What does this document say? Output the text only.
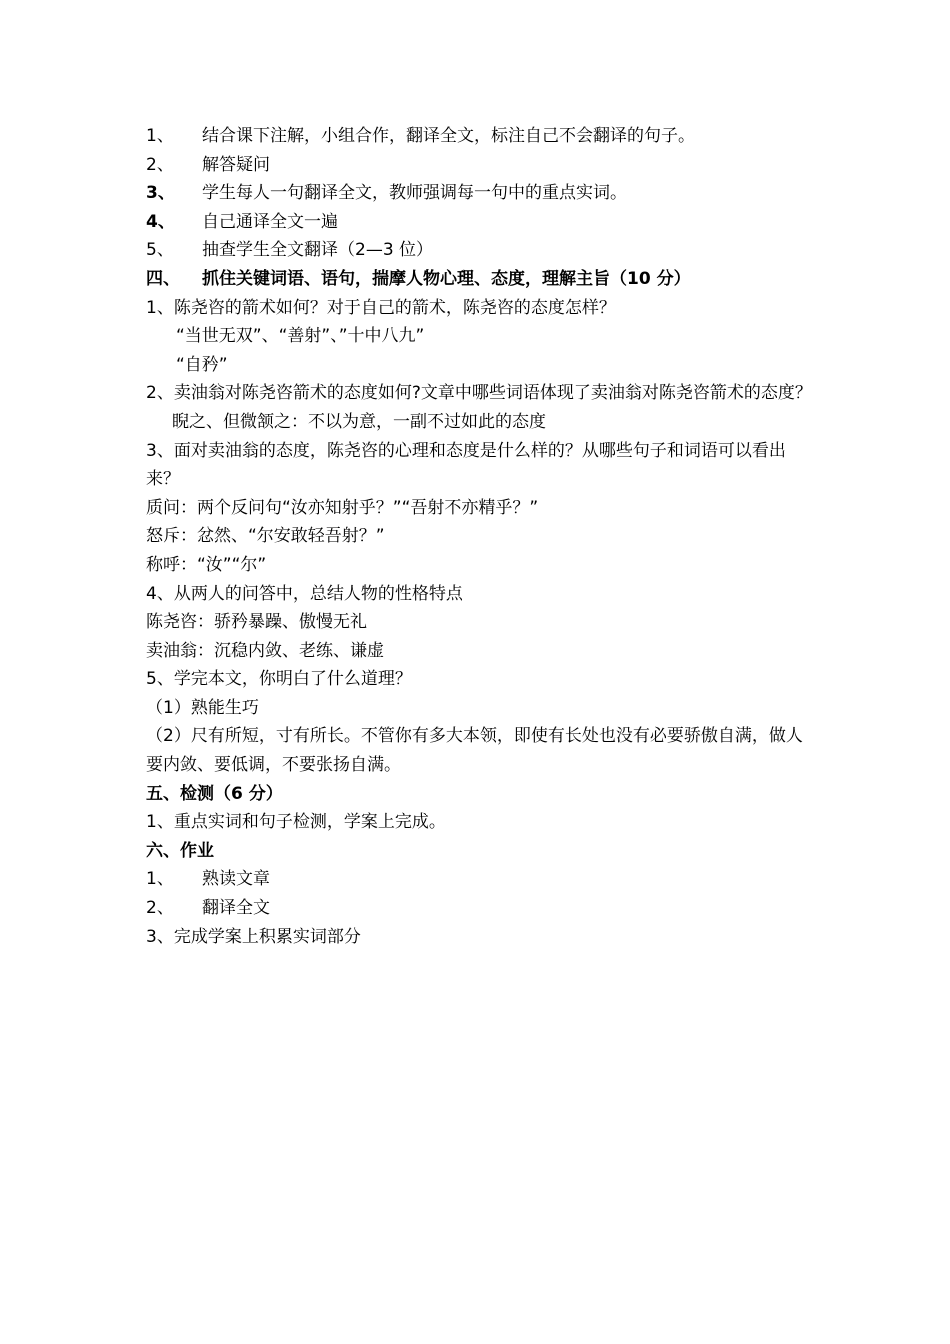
1、 结合课下注解，小组合作，翻译全文，标注自己不会翻译的句子。
2、 解答疑问
3、 学生每人一句翻译全文，教师强调每一句中的重点实词。
4、 自己通译全文一遍
5、 抽查学生全文翻译（2—3 位）
四、 抓住关键词语、语句，揣摩人物心理、态度，理解主旨（10 分）
1、陈尧咨的箭术如何？对于自己的箭术，陈尧咨的态度怎样？
“当世无双”、“善射”、”十中八九”
“自矜”
2、卖油翁对陈尧咨箭术的态度如何?文章中哪些词语体现了卖油翁对陈尧咨箭术的态度？
睨之、但微颔之：不以为意，一副不过如此的态度
3、面对卖油翁的态度，陈尧咨的心理和态度是什么样的？从哪些句子和词语可以看出来？
质问：两个反问句“汝亦知射乎？”“吾射不亦精乎？”
怒斥：忿然、“尔安敢轻吾射？”
称呼：“汝”“尔”
4、从两人的问答中，总结人物的性格特点
陈尧咨：骄矜暴躁、傲慢无礼
卖油翁：沉稳内敛、老练、谦虚
5、学完本文，你明白了什么道理？
（1）熟能生巧
（2）尺有所短，寸有所长。不管你有多大本领，即使有长处也没有必要骄傲自满，做人要内敛、要低调，不要张扬自满。
五、检测（6 分）
1、重点实词和句子检测，学案上完成。
六、作业
1、 熟读文章
2、 翻译全文
3、完成学案上积累实词部分
